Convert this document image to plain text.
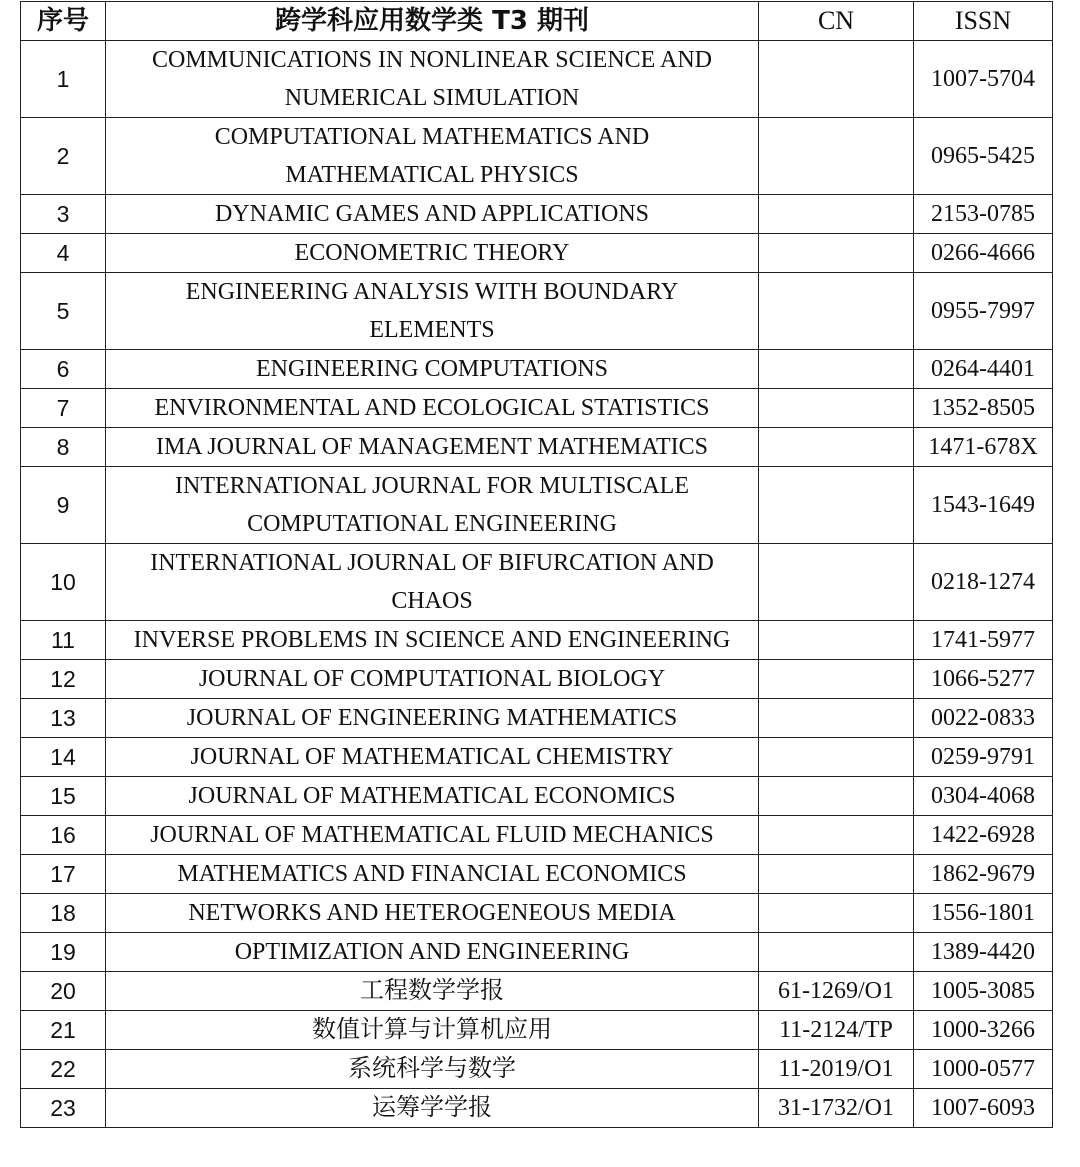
序号	跨学科应用数学类 T3 期刊	CN	ISSN
1	COMMUNICATIONS IN NONLINEAR SCIENCE AND
NUMERICAL SIMULATION		1007-5704
2	COMPUTATIONAL MATHEMATICS AND
MATHEMATICAL PHYSICS		0965-5425
3	DYNAMIC GAMES AND APPLICATIONS		2153-0785
4	ECONOMETRIC THEORY		0266-4666
5	ENGINEERING ANALYSIS WITH BOUNDARY
ELEMENTS		0955-7997
6	ENGINEERING COMPUTATIONS		0264-4401
7	ENVIRONMENTAL AND ECOLOGICAL STATISTICS		1352-8505
8	IMA JOURNAL OF MANAGEMENT MATHEMATICS		1471-678X
9	INTERNATIONAL JOURNAL FOR MULTISCALE
COMPUTATIONAL ENGINEERING		1543-1649
10	INTERNATIONAL JOURNAL OF BIFURCATION AND
CHAOS		0218-1274
11	INVERSE PROBLEMS IN SCIENCE AND ENGINEERING		1741-5977
12	JOURNAL OF COMPUTATIONAL BIOLOGY		1066-5277
13	JOURNAL OF ENGINEERING MATHEMATICS		0022-0833
14	JOURNAL OF MATHEMATICAL CHEMISTRY		0259-9791
15	JOURNAL OF MATHEMATICAL ECONOMICS		0304-4068
16	JOURNAL OF MATHEMATICAL FLUID MECHANICS		1422-6928
17	MATHEMATICS AND FINANCIAL ECONOMICS		1862-9679
18	NETWORKS AND HETEROGENEOUS MEDIA		1556-1801
19	OPTIMIZATION AND ENGINEERING		1389-4420
20	工程数学学报	61-1269/O1	1005-3085
21	数值计算与计算机应用	11-2124/TP	1000-3266
22	系统科学与数学	11-2019/O1	1000-0577
23	运筹学学报	31-1732/O1	1007-6093
